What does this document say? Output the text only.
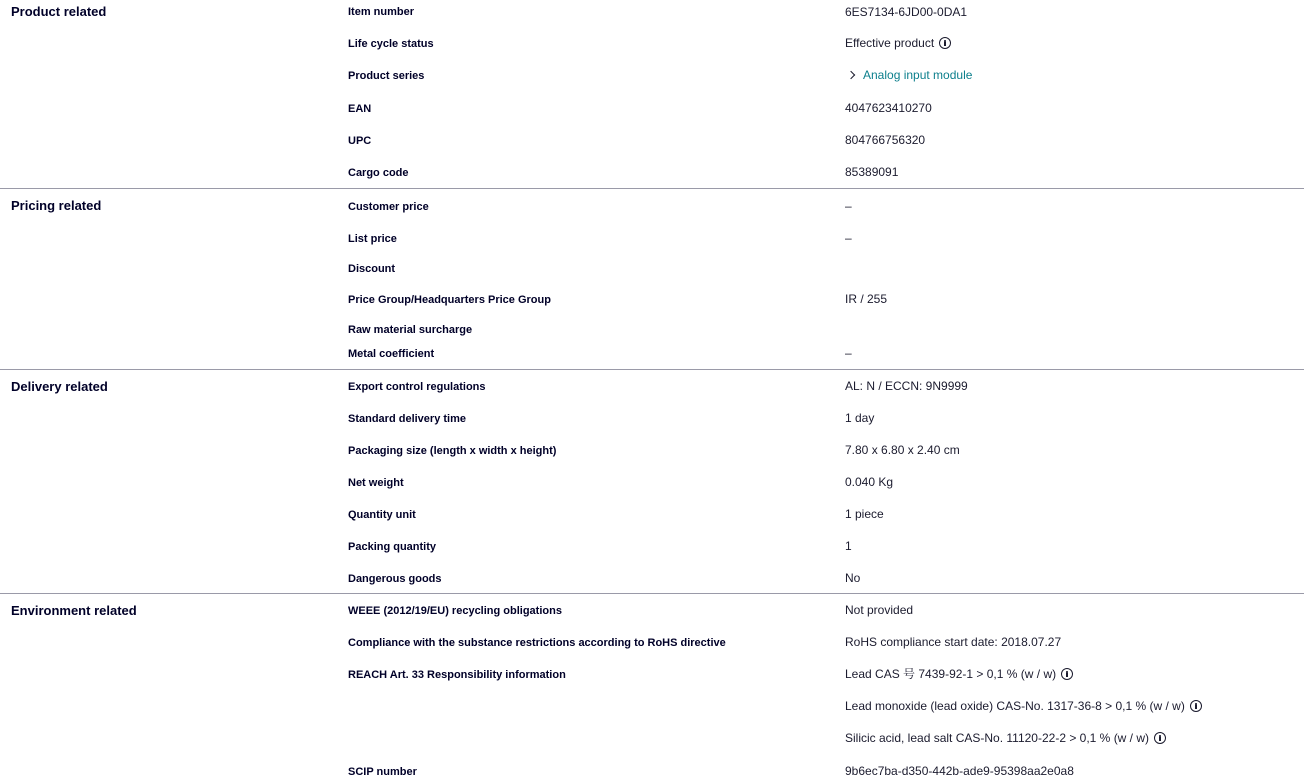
Product related	Item number	6ES7134-6JD00-0DA1
Life cycle status	Effective product
Product series	Analog input module
EAN	4047623410270
UPC	804766756320
Cargo code	85389091
Pricing related	Customer price	–
List price	–
Discount
Price Group/Headquarters Price Group	IR / 255
Raw material surcharge
Metal coefficient	–
Delivery related	Export control regulations	AL: N / ECCN: 9N9999
Standard delivery time	1 day
Packaging size (length x width x height)	7.80 x 6.80 x 2.40 cm
Net weight	0.040 Kg
Quantity unit	1 piece
Packing quantity	1
Dangerous goods	No
Environment related	WEEE (2012/19/EU) recycling obligations	Not provided
Compliance with the substance restrictions according to RoHS directive	RoHS compliance start date: 2018.07.27
REACH Art. 33 Responsibility information	Lead CAS 号 7439-92-1 > 0,1 % (w / w)
Lead monoxide (lead oxide) CAS-No. 1317-36-8 > 0,1 % (w / w)
Silicic acid, lead salt CAS-No. 11120-22-2 > 0,1 % (w / w)
SCIP number	9b6ec7ba-d350-442b-ade9-95398aa2e0a8
